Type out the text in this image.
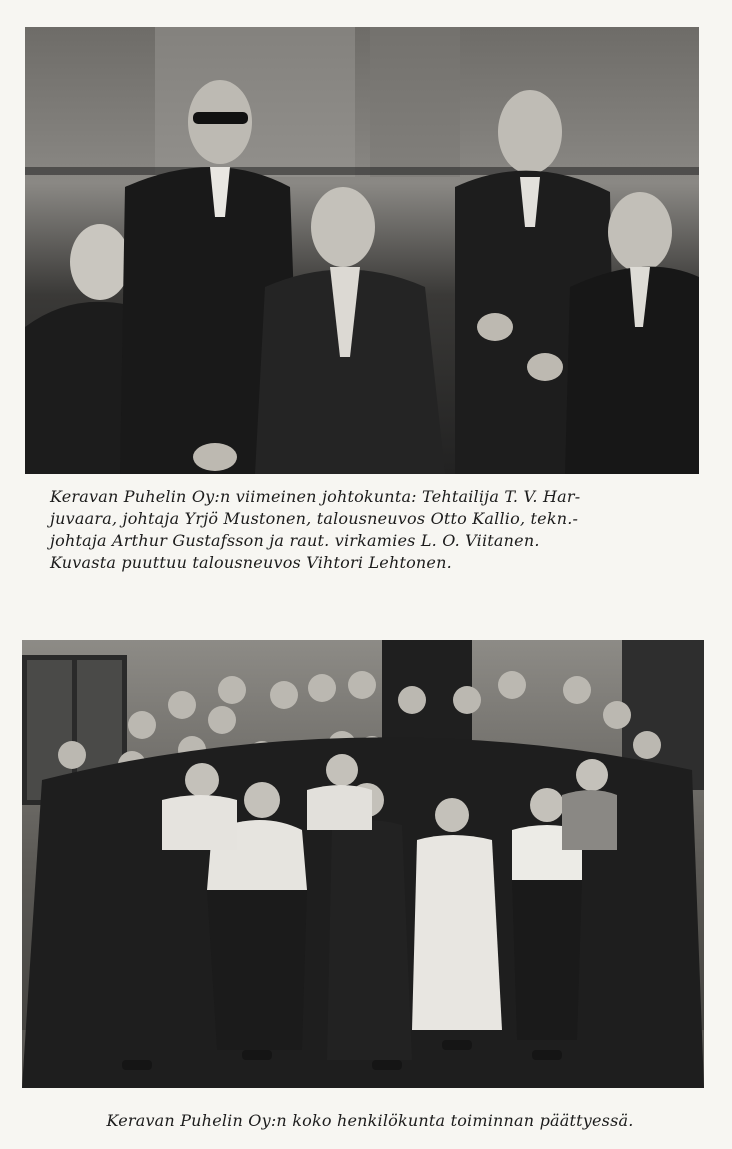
Keravan Puhelin Oy:n viimeinen johtokunta: Tehtailija T. V. Har-
juvaara, johtaja Yrjö Mustonen, talousneuvos Otto Kallio, tekn.-
johtaja Arthur Gustafsson ja raut. virkamies L. O. Viitanen.
Kuvasta puuttuu talousneuvos Vihtori Lehtonen.
Keravan Puhelin Oy:n koko henkilökunta toiminnan päättyessä.
